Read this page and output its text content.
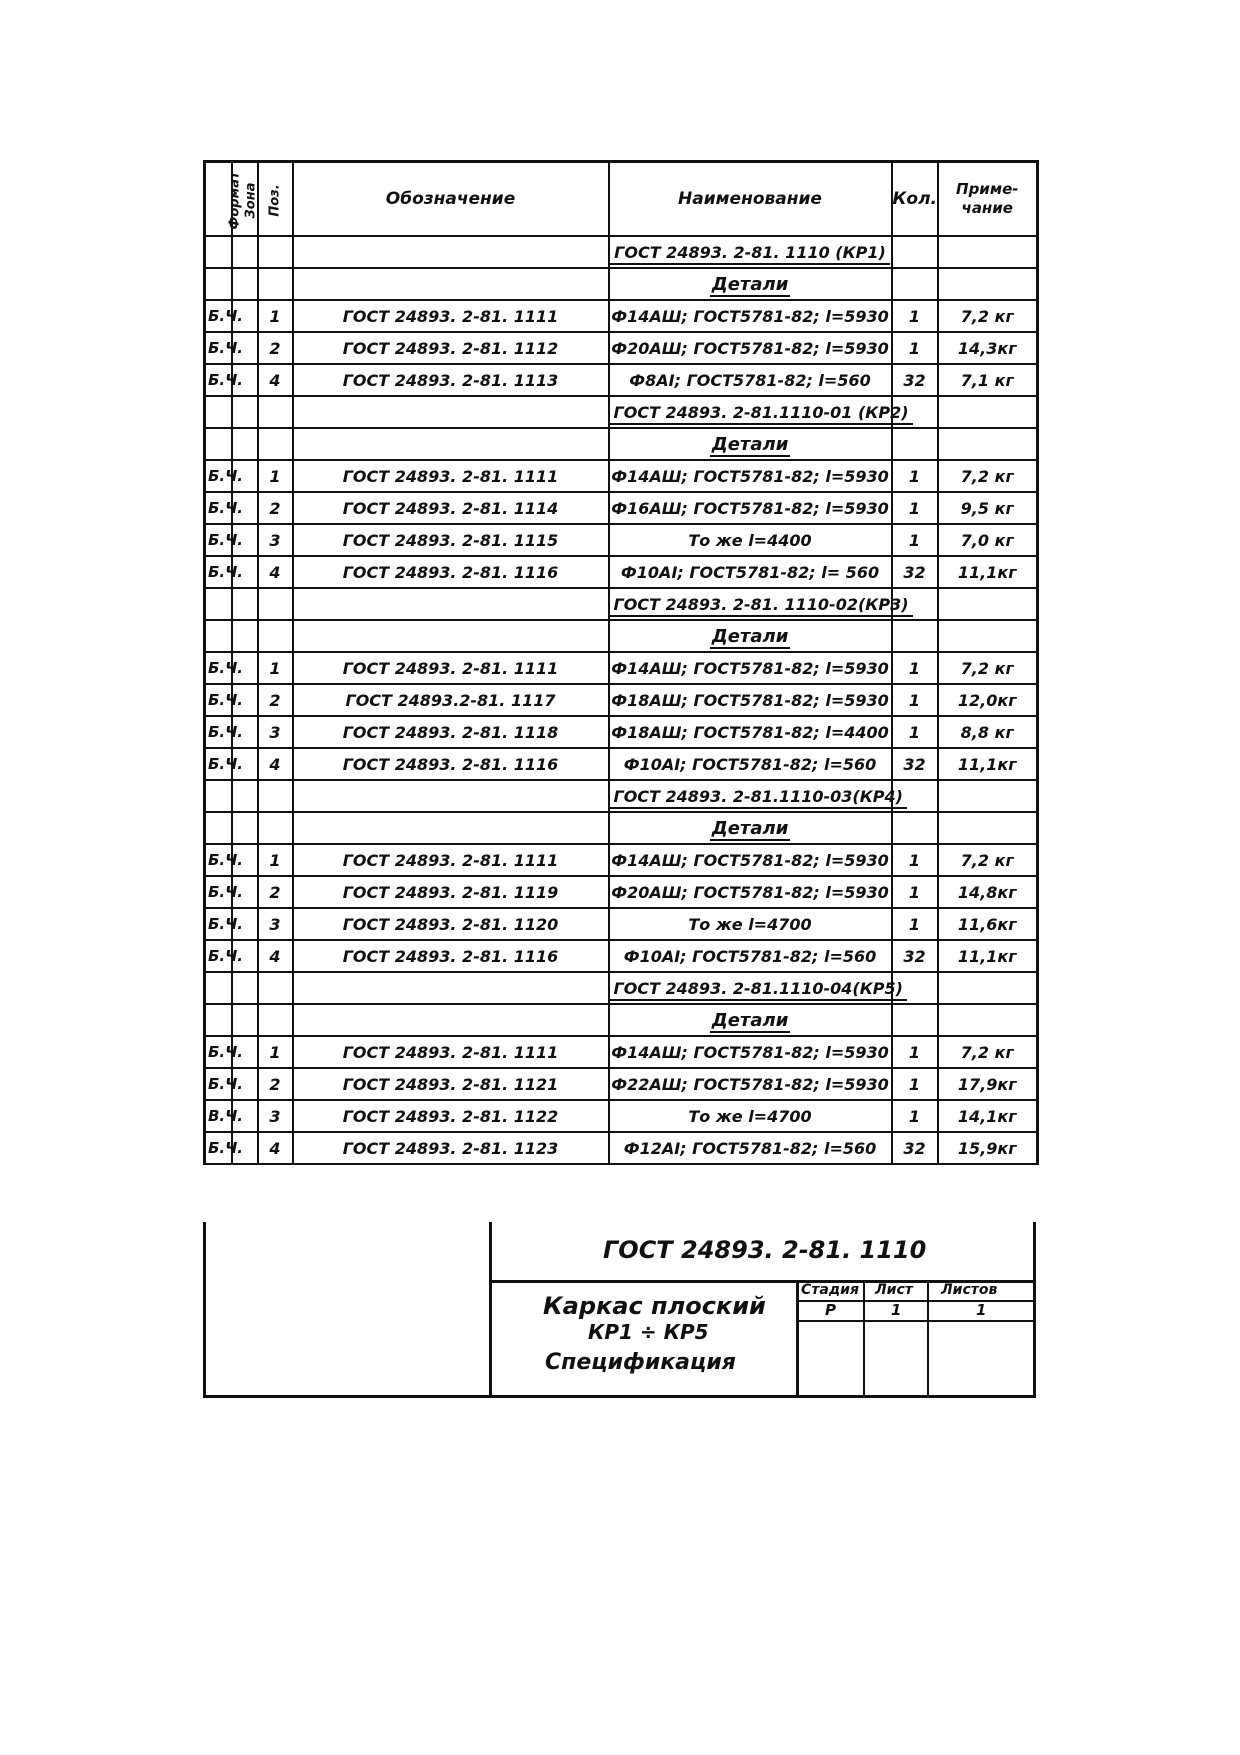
Формат	Зона	Поз.	Обозначение	Наименование	Кол.	Приме- чание
				ГОСТ 24893. 2-81. 1110 (КР1)		
				Детали		
Б.Ч.		1	ГОСТ 24893. 2-81. 1111	Ф14АШ; ГОСТ5781-82; l=5930	1	7,2 кг
Б.Ч.		2	ГОСТ 24893. 2-81. 1112	Ф20АШ; ГОСТ5781-82; l=5930	1	14,3кг
Б.Ч.		4	ГОСТ 24893. 2-81. 1113	Ф8АI; ГОСТ5781-82; l=560	32	7,1 кг
				ГОСТ 24893. 2-81.1110-01 (КР2)		
				Детали		
Б.Ч.		1	ГОСТ 24893. 2-81. 1111	Ф14АШ; ГОСТ5781-82; l=5930	1	7,2 кг
Б.Ч.		2	ГОСТ 24893. 2-81. 1114	Ф16АШ; ГОСТ5781-82; l=5930	1	9,5 кг
Б.Ч.		3	ГОСТ 24893. 2-81. 1115	То же l=4400	1	7,0 кг
Б.Ч.		4	ГОСТ 24893. 2-81. 1116	Ф10АI; ГОСТ5781-82; l= 560	32	11,1кг
				ГОСТ 24893. 2-81. 1110-02(КР3)		
				Детали		
Б.Ч.		1	ГОСТ 24893. 2-81. 1111	Ф14АШ; ГОСТ5781-82; l=5930	1	7,2 кг
Б.Ч.		2	ГОСТ 24893.2-81. 1117	Ф18АШ; ГОСТ5781-82; l=5930	1	12,0кг
Б.Ч.		3	ГОСТ 24893. 2-81. 1118	Ф18АШ; ГОСТ5781-82; l=4400	1	8,8 кг
Б.Ч.		4	ГОСТ 24893. 2-81. 1116	Ф10АI; ГОСТ5781-82; l=560	32	11,1кг
				ГОСТ 24893. 2-81.1110-03(КР4)		
				Детали		
Б.Ч.		1	ГОСТ 24893. 2-81. 1111	Ф14АШ; ГОСТ5781-82; l=5930	1	7,2 кг
Б.Ч.		2	ГОСТ 24893. 2-81. 1119	Ф20АШ; ГОСТ5781-82; l=5930	1	14,8кг
Б.Ч.		3	ГОСТ 24893. 2-81. 1120	То же l=4700	1	11,6кг
Б.Ч.		4	ГОСТ 24893. 2-81. 1116	Ф10АI; ГОСТ5781-82; l=560	32	11,1кг
				ГОСТ 24893. 2-81.1110-04(КР5)		
				Детали		
Б.Ч.		1	ГОСТ 24893. 2-81. 1111	Ф14АШ; ГОСТ5781-82; l=5930	1	7,2 кг
Б.Ч.		2	ГОСТ 24893. 2-81. 1121	Ф22АШ; ГОСТ5781-82; l=5930	1	17,9кг
В.Ч.		3	ГОСТ 24893. 2-81. 1122	То же l=4700	1	14,1кг
Б.Ч.		4	ГОСТ 24893. 2-81. 1123	Ф12АI; ГОСТ5781-82; l=560	32	15,9кг
ГОСТ 24893. 2-81. 1110
Каркас плоский
КР1 ÷ КР5
Спецификация
Стадия Лист Листов
Р	1	1
